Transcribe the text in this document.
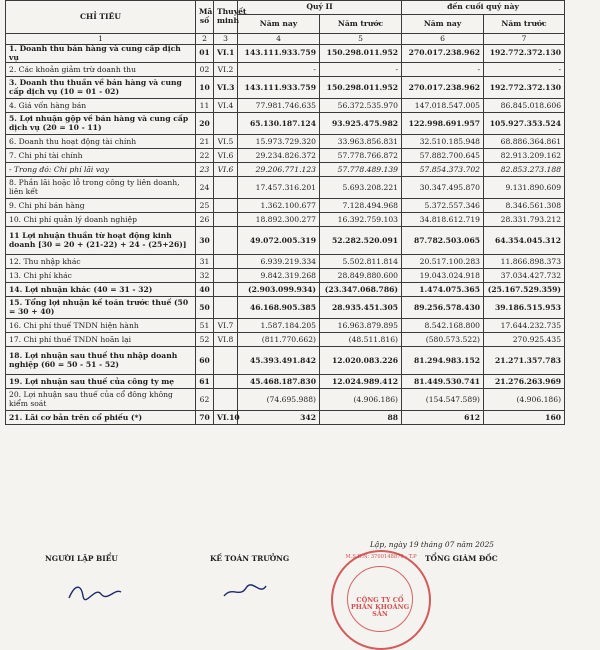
CHỈ TIÊU	Mã số	Thuyết minh	Quý II		đến cuối quý này	
			Năm nay	Năm trước	Năm nay	Năm trước
1	2	3	4	5	6	7
1. Doanh thu bán hàng và cung cấp dịch vụ	01	VI.1	143.111.933.759	150.298.011.952	270.017.238.962	192.772.372.130
2. Các khoản giảm trừ doanh thu	02	VI.2	-	-	-	-
3. Doanh thu thuần về bán hàng và cung cấp dịch vụ (10 = 01 - 02)	10	VI.3	143.111.933.759	150.298.011.952	270.017.238.962	192.772.372.130
4. Giá vốn hàng bán	11	VI.4	77.981.746.635	56.372.535.970	147.018.547.005	86.845.018.606
5. Lợi nhuận gộp về bán hàng và cung cấp dịch vụ (20 = 10 - 11)	20		65.130.187.124	93.925.475.982	122.998.691.957	105.927.353.524
6. Doanh thu hoạt động tài chính	21	VI.5	15.973.729.320	33.963.856.831	32.510.185.948	68.886.364.861
7. Chi phí tài chính	22	VI.6	29.234.826.372	57.778.766.872	57.882.700.645	82.913.209.162
- Trong đó: Chi phí lãi vay	23	VI.6	29.206.771.123	57.778.489.139	57.854.373.702	82.853.273.188
8. Phần lãi hoặc lỗ trong công ty liên doanh, liên kết	24		17.457.316.201	5.693.208.221	30.347.495.870	9.131.890.609
9. Chi phí bán hàng	25		1.362.100.677	7.128.494.968	5.372.557.346	8.346.561.308
10. Chi phí quản lý doanh nghiệp	26		18.892.300.277	16.392.759.103	34.818.612.719	28.331.793.212
11 Lợi nhuận thuần từ hoạt động kinh doanh [30 = 20 + (21-22) + 24 - (25+26)]	30		49.072.005.319	52.282.520.091	87.782.503.065	64.354.045.312
12. Thu nhập khác	31		6.939.219.334	5.502.811.814	20.517.100.283	11.866.898.373
13. Chi phí khác	32		9.842.319.268	28.849.880.600	19.043.024.918	37.034.427.732
14. Lợi nhuận khác (40 = 31 - 32)	40		(2.903.099.934)	(23.347.068.786)	1.474.075.365	(25.167.529.359)
15. Tổng lợi nhuận kế toán trước thuế (50 = 30 + 40)	50		46.168.905.385	28.935.451.305	89.256.578.430	39.186.515.953
16. Chi phí thuế TNDN hiện hành	51	VI.7	1.587.184.205	16.963.879.895	8.542.168.800	17.644.232.735
17. Chi phí thuế TNDN hoãn lại	52	VI.8	(811.770.662)	(48.511.816)	(580.573.522)	270.925.435
18. Lợi nhuận sau thuế thu nhập doanh nghiệp (60 = 50 - 51 - 52)	60		45.393.491.842	12.020.083.226	81.294.983.152	21.271.357.783
19. Lợi nhuận sau thuế của công ty mẹ	61		45.468.187.830	12.024.989.412	81.449.530.741	21.276.263.969
20. Lợi nhuận sau thuế của cổ đông không kiểm soát	62		(74.695.988)	(4.906.186)	(154.547.589)	(4.906.186)
21. Lãi cơ bản trên cổ phiếu (*)	70	VI.10	342	88	612	160
Lập, ngày 19 tháng 07 năm 2025
NGƯỜI LẬP BIỂU	KẾ TOÁN TRƯỞNG	TỔNG GIÁM ĐỐC
M.S.D.N: 3700148879 - T.P
CÔNG TY CỔ PHẦN KHOÁNG SẢN
